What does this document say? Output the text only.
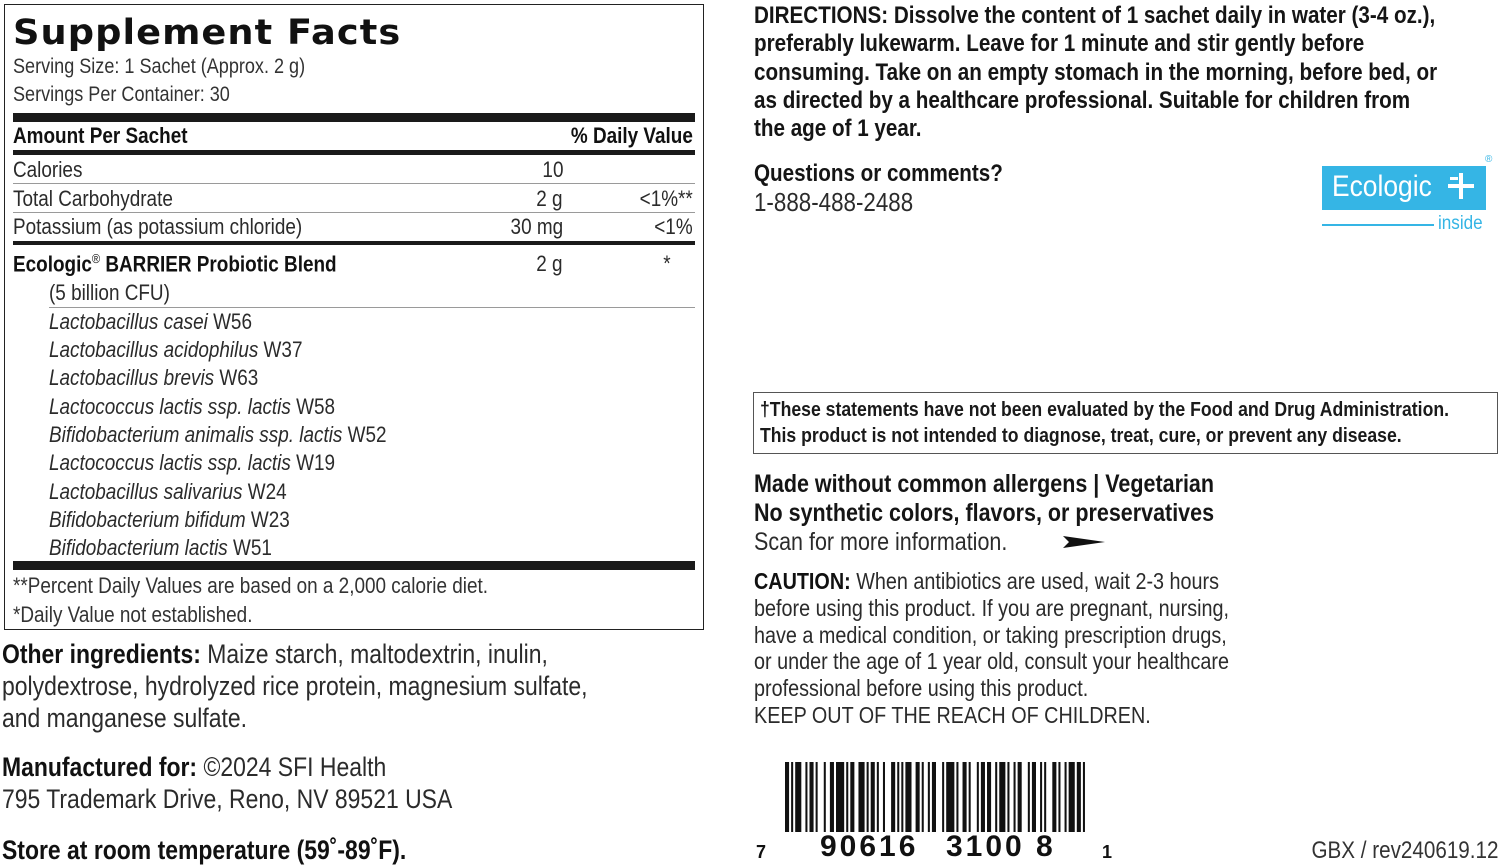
Supplement Facts
Serving Size: 1 Sachet (Approx. 2 g)
Servings Per Container: 30
Amount Per Sachet	% Daily Value
Calories	10
Total Carbohydrate	2 g	<1%**
Potassium (as potassium chloride)	30 mg	<1%
Ecologic® BARRIER Probiotic Blend	2 g	*
(5 billion CFU)
Lactobacillus casei W56
Lactobacillus acidophilus W37
Lactobacillus brevis W63
Lactococcus lactis ssp. lactis W58
Bifidobacterium animalis ssp. lactis W52
Lactococcus lactis ssp. lactis W19
Lactobacillus salivarius W24
Bifidobacterium bifidum W23
Bifidobacterium lactis W51
**Percent Daily Values are based on a 2,000 calorie diet.
*Daily Value not established.
Other ingredients: Maize starch, maltodextrin, inulin,
polydextrose, hydrolyzed rice protein, magnesium sulfate,
and manganese sulfate.
Manufactured for: ©2024 SFI Health
795 Trademark Drive, Reno, NV 89521 USA
Store at room temperature (59˚-89˚F).
DIRECTIONS: Dissolve the content of 1 sachet daily in water (3-4 oz.),
preferably lukewarm. Leave for 1 minute and stir gently before
consuming. Take on an empty stomach in the morning, before bed, or
as directed by a healthcare professional. Suitable for children from
the age of 1 year.
Questions or comments?
1-888-488-2488	Ecologic
®
inside
†These statements have not been evaluated by the Food and Drug Administration.
This product is not intended to diagnose, treat, cure, or prevent any disease.
Made without common allergens | Vegetarian
No synthetic colors, flavors, or preservatives
Scan for more information.
CAUTION: When antibiotics are used, wait 2-3 hours
before using this product. If you are pregnant, nursing,
have a medical condition, or taking prescription drugs,
or under the age of 1 year old, consult your healthcare
professional before using this product.
KEEP OUT OF THE REACH OF CHILDREN.
7 90616 3100 8	1	GBX / rev240619.12
